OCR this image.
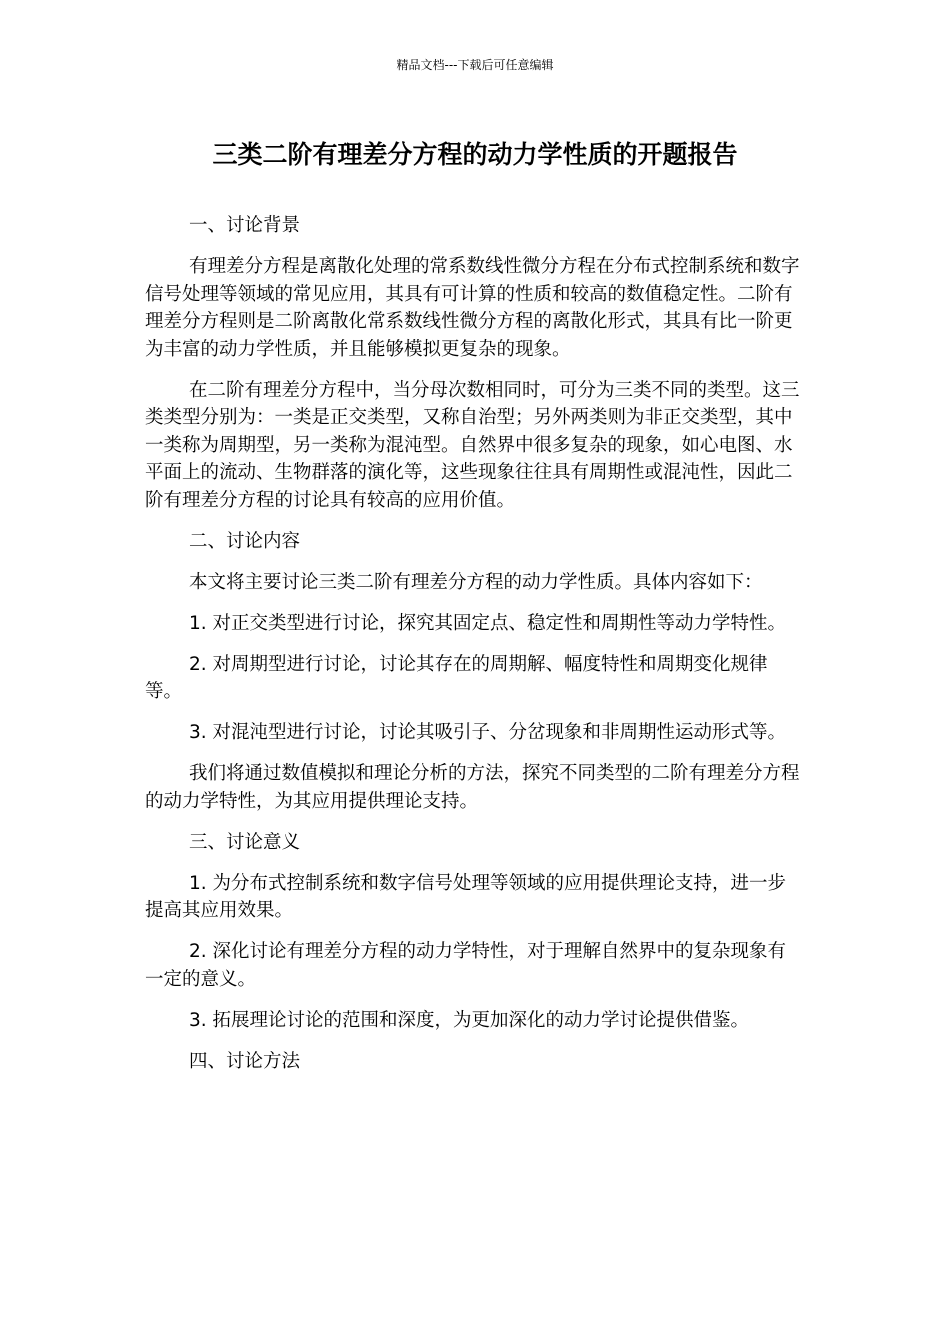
精品文档---下载后可任意编辑
三类二阶有理差分方程的动力学性质的开题报告

一、讨论背景

有理差分方程是离散化处理的常系数线性微分方程在分布式控制系统和数字信号处理等领域的常见应用，其具有可计算的性质和较高的数值稳定性。二阶有理差分方程则是二阶离散化常系数线性微分方程的离散化形式，其具有比一阶更为丰富的动力学性质，并且能够模拟更复杂的现象。

在二阶有理差分方程中，当分母次数相同时，可分为三类不同的类型。这三类类型分别为：一类是正交类型，又称自治型；另外两类则为非正交类型，其中一类称为周期型，另一类称为混沌型。自然界中很多复杂的现象，如心电图、水平面上的流动、生物群落的演化等，这些现象往往具有周期性或混沌性，因此二阶有理差分方程的讨论具有较高的应用价值。

二、讨论内容

本文将主要讨论三类二阶有理差分方程的动力学性质。具体内容如下：

1. 对正交类型进行讨论，探究其固定点、稳定性和周期性等动力学特性。

2. 对周期型进行讨论，讨论其存在的周期解、幅度特性和周期变化规律等。

3. 对混沌型进行讨论，讨论其吸引子、分岔现象和非周期性运动形式等。

我们将通过数值模拟和理论分析的方法，探究不同类型的二阶有理差分方程的动力学特性，为其应用提供理论支持。

三、讨论意义

1. 为分布式控制系统和数字信号处理等领域的应用提供理论支持，进一步提高其应用效果。

2. 深化讨论有理差分方程的动力学特性，对于理解自然界中的复杂现象有一定的意义。

3. 拓展理论讨论的范围和深度，为更加深化的动力学讨论提供借鉴。

四、讨论方法
